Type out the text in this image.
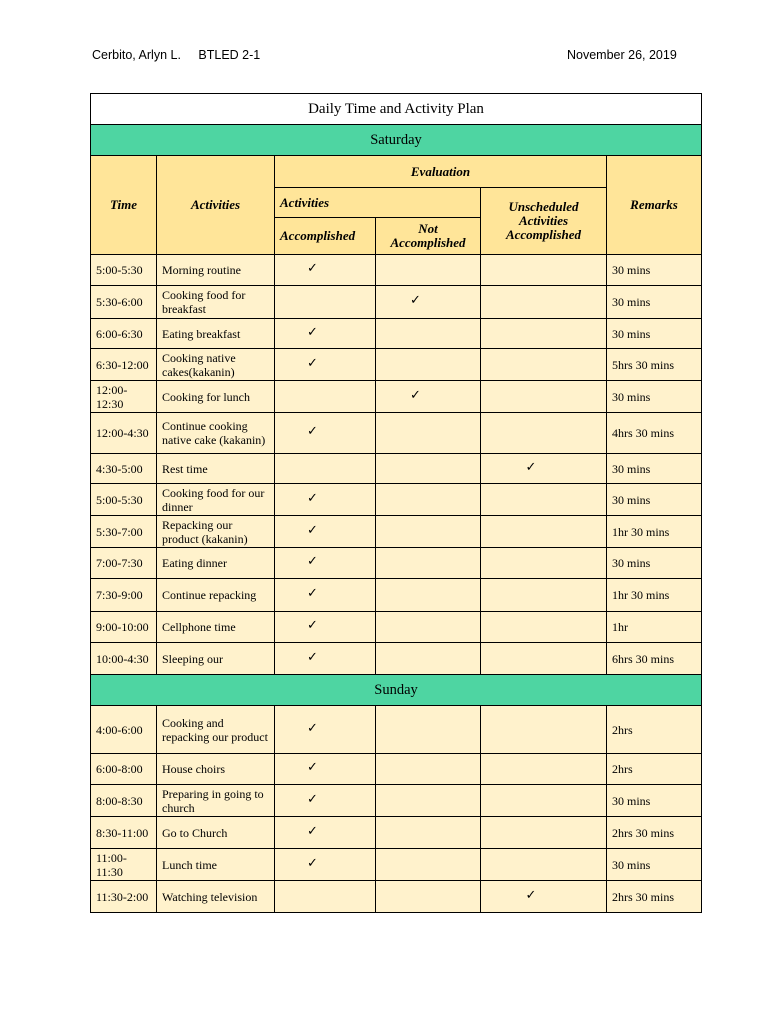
Cerbito, Arlyn L. BTLED 2-1	November 26, 2019
Daily Time and Activity Plan					
Saturday					
Time	Activities	Evaluation			Remarks
		Activities		Unscheduled Activities Accomplished	
		Accomplished	Not Accomplished		
5:00-5:30	Morning routine	✓			30 mins
5:30-6:00	Cooking food for breakfast		✓		30 mins
6:00-6:30	Eating breakfast	✓			30 mins
6:30-12:00	Cooking native cakes(kakanin)	✓			5hrs 30 mins
12:00-12:30	Cooking for lunch		✓		30 mins
12:00-4:30	Continue cooking native cake (kakanin)	✓			4hrs 30 mins
4:30-5:00	Rest time			✓	30 mins
5:00-5:30	Cooking food for our dinner	✓			30 mins
5:30-7:00	Repacking our product (kakanin)	✓			1hr 30 mins
7:00-7:30	Eating dinner	✓			30 mins
7:30-9:00	Continue repacking	✓			1hr 30 mins
9:00-10:00	Cellphone time	✓			1hr
10:00-4:30	Sleeping our	✓			6hrs 30 mins
Sunday					
4:00-6:00	Cooking and repacking our product	✓			2hrs
6:00-8:00	House choirs	✓			2hrs
8:00-8:30	Preparing in going to church	✓			30 mins
8:30-11:00	Go to Church	✓			2hrs 30 mins
11:00-11:30	Lunch time	✓			30 mins
11:30-2:00	Watching television			✓	2hrs 30 mins
